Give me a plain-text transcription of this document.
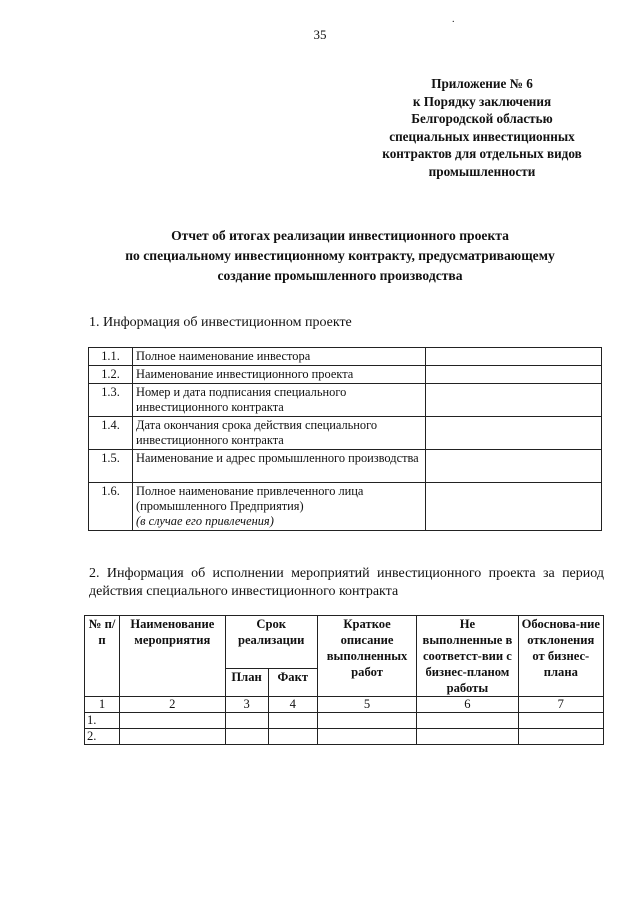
35
.
Приложение № 6
к Порядку заключения
Белгородской областью
специальных инвестиционных
контрактов для отдельных видов
промышленности
Отчет об итогах реализации инвестиционного проекта
по специальному инвестиционному контракту, предусматривающему
создание промышленного производства
1. Информация об инвестиционном проекте
1.1.	Полное наименование инвестора	
1.2.	Наименование инвестиционного проекта	
1.3.	Номер и дата подписания специального инвестиционного контракта	
1.4.	Дата окончания срока действия специального инвестиционного контракта	
1.5.	Наименование и адрес промышленного производства	
1.6.	Полное наименование привлеченного лица (промышленного Предприятия)
(в случае его привлечения)	
2. Информация об исполнении мероприятий инвестиционного проекта за период действия специального инвестиционного контракта
№ п/п	Наименование мероприятия	Срок реализации		Краткое описание выполненных работ	Не выполненные в соответст-вии с бизнес-планом работы	Обоснова-ние отклонения от бизнес-плана
		План	Факт			
1	2	3	4	5	6	7
1.						
2.						
